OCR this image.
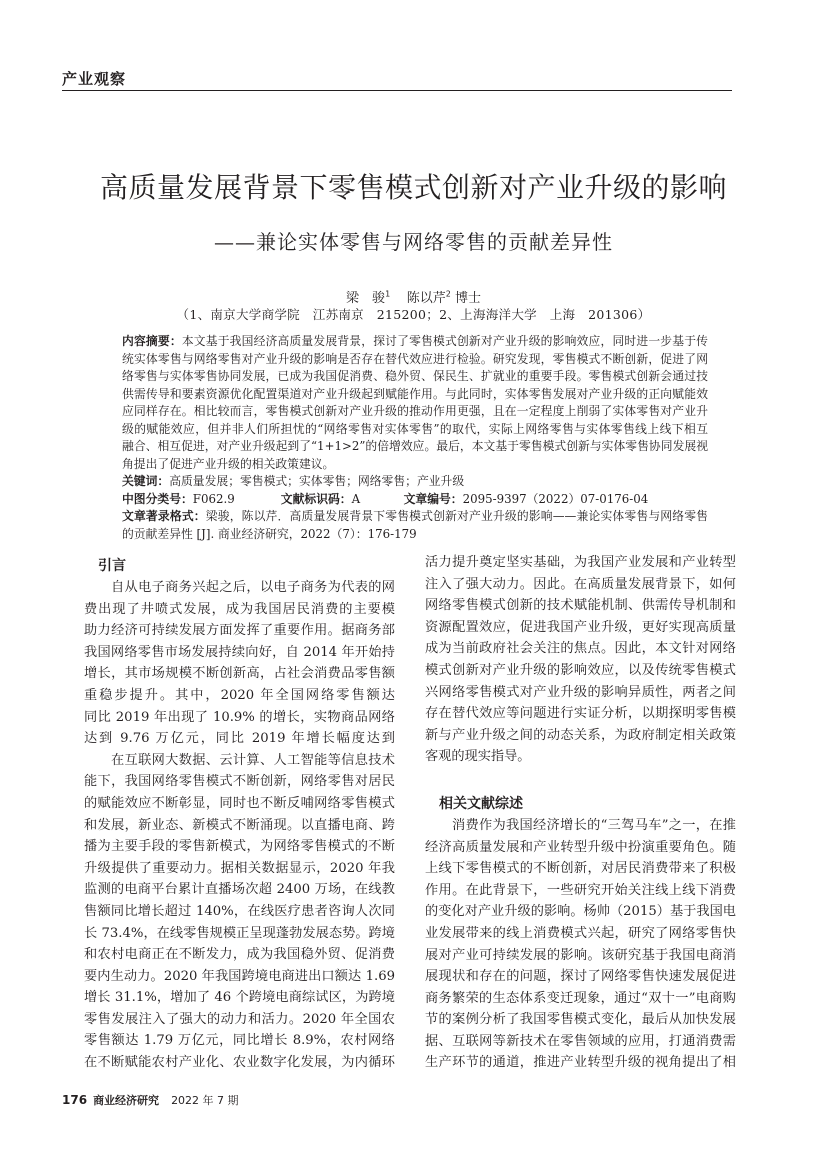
产业观察
高质量发展背景下零售模式创新对产业升级的影响
——兼论实体零售与网络零售的贡献差异性
梁　骏$^1$ 陈以芹$^2$ 博士
（1、南京大学商学院　江苏南京　215200；2、上海海洋大学　上海　201306）
内容摘要：本文基于我国经济高质量发展背景，探讨了零售模式创新对产业升级的影响效应，同时进一步基于传
统实体零售与网络零售对产业升级的影响是否存在替代效应进行检验。研究发现，零售模式不断创新，促进了网
络零售与实体零售协同发展，已成为我国促消费、稳外贸、保民生、扩就业的重要手段。零售模式创新会通过技
供需传导和要素资源优化配置渠道对产业升级起到赋能作用。与此同时，实体零售发展对产业升级的正向赋能效
应同样存在。相比较而言，零售模式创新对产业升级的推动作用更强，且在一定程度上削弱了实体零售对产业升
级的赋能效应，但并非人们所担忧的“网络零售对实体零售”的取代，实际上网络零售与实体零售线上线下相互
融合、相互促进，对产业升级起到了“1+1>2”的倍增效应。最后，本文基于零售模式创新与实体零售协同发展视
角提出了促进产业升级的相关政策建议。
关键词：高质量发展；零售模式；实体零售；网络零售；产业升级
中图分类号：F062.9	文献标识码：A	文章编号：2095-9397（2022）07-0176-04
文章著录格式：梁骏，陈以芹．高质量发展背景下零售模式创新对产业升级的影响——兼论实体零售与网络零售
的贡献差异性 [J]. 商业经济研究，2022（7）：176-179
引言
自从电子商务兴起之后，以电子商务为代表的网
费出现了井喷式发展，成为我国居民消费的主要模
助力经济可持续发展方面发挥了重要作用。据商务部
我国网络零售市场发展持续向好，自 2014 年开始持
增长，其市场规模不断创新高，占社会消费品零售额
重稳步提升。其中，2020 年全国网络零售额达
同比 2019 年出现了 10.9% 的增长，实物商品网络
达到 9.76 万亿元，同比 2019 年增长幅度达到
在互联网大数据、云计算、人工智能等信息技术
能下，我国网络零售模式不断创新，网络零售对居民
的赋能效应不断彰显，同时也不断反哺网络零售模式
和发展，新业态、新模式不断涌现。以直播电商、跨
播为主要手段的零售新模式，为网络零售模式的不断
升级提供了重要动力。据相关数据显示，2020 年我
监测的电商平台累计直播场次超 2400 万场，在线教
售额同比增长超过 140%，在线医疗患者咨询人次同
长 73.4%，在线零售规模正呈现蓬勃发展态势。跨境
和农村电商正在不断发力，成为我国稳外贸、促消费
要内生动力。2020 年我国跨境电商进出口额达 1.69
增长 31.1%，增加了 46 个跨境电商综试区，为跨境
零售发展注入了强大的动力和活力。2020 年全国农
零售额达 1.79 万亿元，同比增长 8.9%，农村网络
在不断赋能农村产业化、农业数字化发展，为内循环
活力提升奠定坚实基础，为我国产业发展和产业转型
注入了强大动力。因此。在高质量发展背景下，如何
网络零售模式创新的技术赋能机制、供需传导机制和
资源配置效应，促进我国产业升级，更好实现高质量
成为当前政府社会关注的焦点。因此，本文针对网络
模式创新对产业升级的影响效应，以及传统零售模式
兴网络零售模式对产业升级的影响异质性，两者之间
存在替代效应等问题进行实证分析，以期探明零售模
新与产业升级之间的动态关系，为政府制定相关政策
客观的现实指导。
相关文献综述
消费作为我国经济增长的“三驾马车”之一，在推
经济高质量发展和产业转型升级中扮演重要角色。随
上线下零售模式的不断创新，对居民消费带来了积极
作用。在此背景下，一些研究开始关注线上线下消费
的变化对产业升级的影响。杨帅（2015）基于我国电
业发展带来的线上消费模式兴起，研究了网络零售快
展对产业可持续发展的影响。该研究基于我国电商消
展现状和存在的问题，探讨了网络零售快速发展促进
商务繁荣的生态体系变迁现象，通过“双十一”电商购
节的案例分析了我国零售模式变化，最后从加快发展
据、互联网等新技术在零售领域的应用，打通消费需
生产环节的通道，推进产业转型升级的视角提出了相
176 商业经济研究 2022 年 7 期
